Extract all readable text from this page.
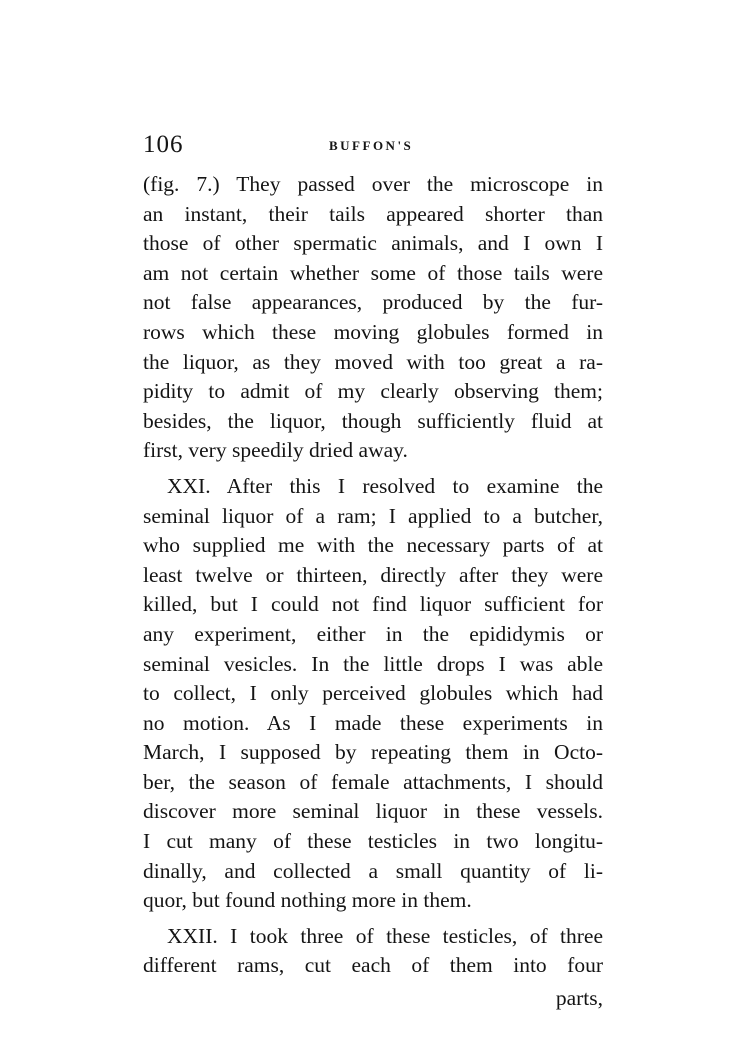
106	BUFFON'S
(fig. 7.) They passed over the microscope in
an instant, their tails appeared shorter than
those of other spermatic animals, and I own I
am not certain whether some of those tails were
not false appearances, produced by the fur-
rows which these moving globules formed in
the liquor, as they moved with too great a ra-
pidity to admit of my clearly observing them;
besides, the liquor, though sufficiently fluid at
first, very speedily dried away.
XXI. After this I resolved to examine the
seminal liquor of a ram; I applied to a butcher,
who supplied me with the necessary parts of at
least twelve or thirteen, directly after they were
killed, but I could not find liquor sufficient for
any experiment, either in the epididymis or
seminal vesicles. In the little drops I was able
to collect, I only perceived globules which had
no motion. As I made these experiments in
March, I supposed by repeating them in Octo-
ber, the season of female attachments, I should
discover more seminal liquor in these vessels.
I cut many of these testicles in two longitu-
dinally, and collected a small quantity of li-
quor, but found nothing more in them.
XXII. I took three of these testicles, of three
different rams, cut each of them into four
parts,
